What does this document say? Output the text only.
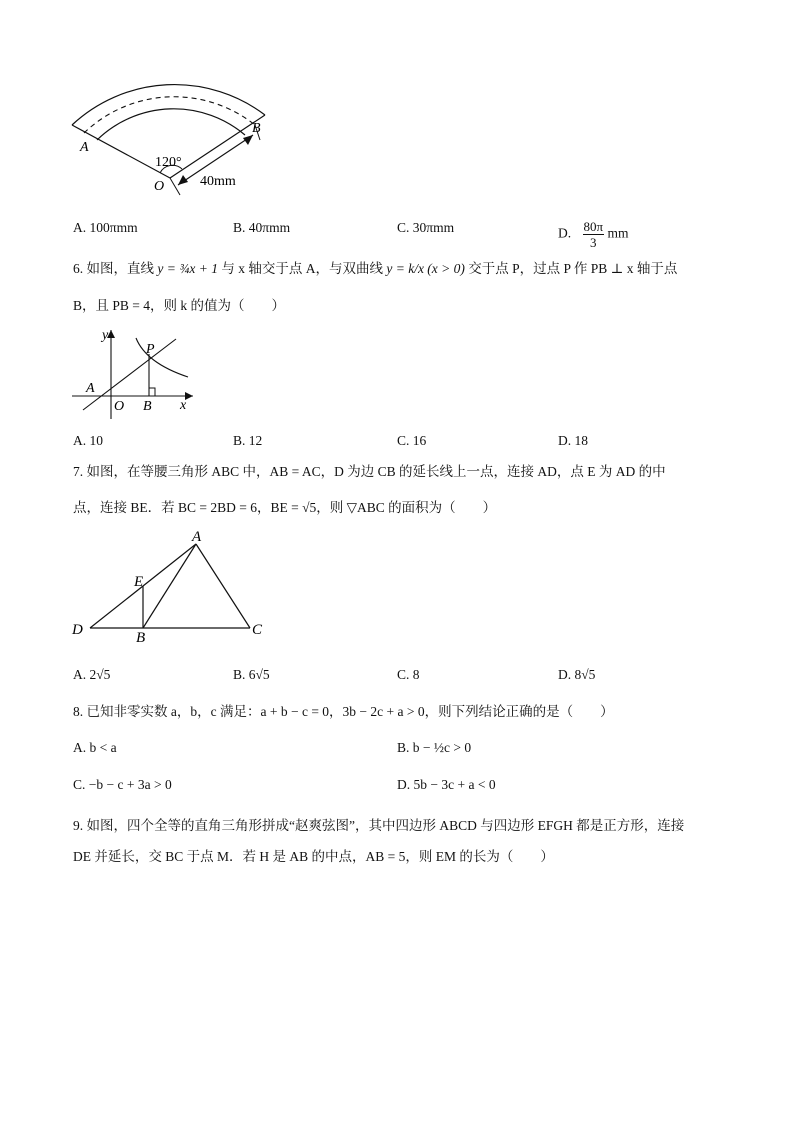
120°
40mm
A
B
O
A. 100πmm	B. 40πmm	C. 30πmm	D. $\frac{80\pi}{3}$ mm
6. 如图，直线 y = ¾x + 1 与 x 轴交于点 A，与双曲线 y = k/x (x > 0) 交于点 P，过点 P 作 PB ⊥ x 轴于点
B，且 PB = 4，则 k 的值为（　　）
y
x
P
A
O B
A. 10	B. 12	C. 16	D. 18
7. 如图，在等腰三角形 ABC 中，AB = AC，D 为边 CB 的延长线上一点，连接 AD，点 E 为 AD 的中
点，连接 BE．若 BC = 2BD = 6，BE = √5，则 ▽ABC 的面积为（　　）
A
E
D	B	C
A. 2√5	B. 6√5	C. 8	D. 8√5
8. 已知非零实数 a，b，c 满足：a + b − c = 0，3b − 2c + a > 0，则下列结论正确的是（　　）
A. b < a	B. b − ½c > 0
C. −b − c + 3a > 0	D. 5b − 3c + a < 0
9. 如图，四个全等的直角三角形拼成“赵爽弦图”，其中四边形 ABCD 与四边形 EFGH 都是正方形，连接
DE 并延长，交 BC 于点 M．若 H 是 AB 的中点，AB = 5，则 EM 的长为（　　）
